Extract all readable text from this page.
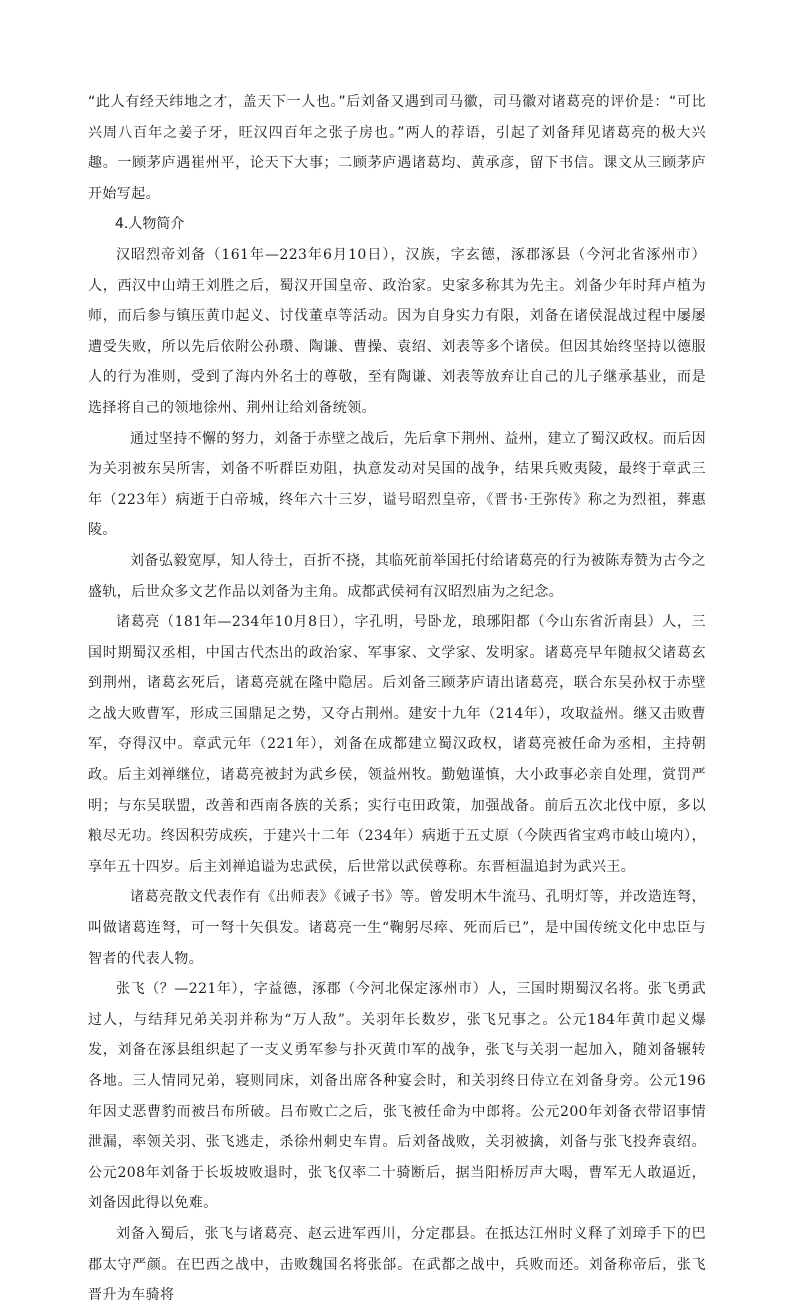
“此人有经天纬地之才，盖天下一人也。”后刘备又遇到司马徽，司马徽对诸葛亮的评价是：“可比兴周八百年之姜子牙，旺汉四百年之张子房也。”两人的荐语，引起了刘备拜见诸葛亮的极大兴趣。一顾茅庐遇崔州平，论天下大事；二顾茅庐遇诸葛均、黄承彦，留下书信。课文从三顾茅庐开始写起。

4.人物简介

汉昭烈帝刘备（161年—223年6月10日），汉族，字玄德，涿郡涿县（今河北省涿州市）人，西汉中山靖王刘胜之后，蜀汉开国皇帝、政治家。史家多称其为先主。刘备少年时拜卢植为师，而后参与镇压黄巾起义、讨伐董卓等活动。因为自身实力有限，刘备在诸侯混战过程中屡屡遭受失败，所以先后依附公孙瓒、陶谦、曹操、袁绍、刘表等多个诸侯。但因其始终坚持以德服人的行为准则，受到了海内外名士的尊敬，至有陶谦、刘表等放弃让自己的儿子继承基业，而是选择将自己的领地徐州、荆州让给刘备统领。

通过坚持不懈的努力，刘备于赤壁之战后，先后拿下荆州、益州，建立了蜀汉政权。而后因为关羽被东吴所害，刘备不听群臣劝阻，执意发动对吴国的战争，结果兵败夷陵，最终于章武三年（223年）病逝于白帝城，终年六十三岁，谥号昭烈皇帝，《晋书·王弥传》称之为烈祖，葬惠陵。

刘备弘毅宽厚，知人待士，百折不挠，其临死前举国托付给诸葛亮的行为被陈寿赞为古今之盛轨，后世众多文艺作品以刘备为主角。成都武侯祠有汉昭烈庙为之纪念。

诸葛亮（181年—234年10月8日），字孔明，号卧龙，琅琊阳都（今山东省沂南县）人，三国时期蜀汉丞相，中国古代杰出的政治家、军事家、文学家、发明家。诸葛亮早年随叔父诸葛玄到荆州，诸葛玄死后，诸葛亮就在隆中隐居。后刘备三顾茅庐请出诸葛亮，联合东吴孙权于赤壁之战大败曹军，形成三国鼎足之势，又夺占荆州。建安十九年（214年），攻取益州。继又击败曹军，夺得汉中。章武元年（221年），刘备在成都建立蜀汉政权，诸葛亮被任命为丞相，主持朝政。后主刘禅继位，诸葛亮被封为武乡侯，领益州牧。勤勉谨慎，大小政事必亲自处理，赏罚严明；与东吴联盟，改善和西南各族的关系；实行屯田政策，加强战备。前后五次北伐中原，多以粮尽无功。终因积劳成疾，于建兴十二年（234年）病逝于五丈原（今陕西省宝鸡市岐山境内），享年五十四岁。后主刘禅追谥为忠武侯，后世常以武侯尊称。东晋桓温追封为武兴王。

诸葛亮散文代表作有《出师表》《诫子书》等。曾发明木牛流马、孔明灯等，并改造连弩，叫做诸葛连弩，可一弩十矢俱发。诸葛亮一生“鞠躬尽瘁、死而后已”，是中国传统文化中忠臣与智者的代表人物。

张飞（？—221年），字益德，涿郡（今河北保定涿州市）人，三国时期蜀汉名将。张飞勇武过人，与结拜兄弟关羽并称为“万人敌”。关羽年长数岁，张飞兄事之。公元184年黄巾起义爆发，刘备在涿县组织起了一支义勇军参与扑灭黄巾军的战争，张飞与关羽一起加入，随刘备辗转各地。三人情同兄弟，寝则同床，刘备出席各种宴会时，和关羽终日侍立在刘备身旁。公元196年因丈恶曹豹而被吕布所破。吕布败亡之后，张飞被任命为中郎将。公元200年刘备衣带诏事情泄漏，率领关羽、张飞逃走，杀徐州刺史车胄。后刘备战败，关羽被擒，刘备与张飞投奔袁绍。公元208年刘备于长坂坡败退时，张飞仅率二十骑断后，据当阳桥厉声大喝，曹军无人敢逼近，刘备因此得以免难。

刘备入蜀后，张飞与诸葛亮、赵云进军西川，分定郡县。在抵达江州时义释了刘璋手下的巴郡太守严颜。在巴西之战中，击败魏国名将张郃。在武都之战中，兵败而还。刘备称帝后，张飞晋升为车骑将
